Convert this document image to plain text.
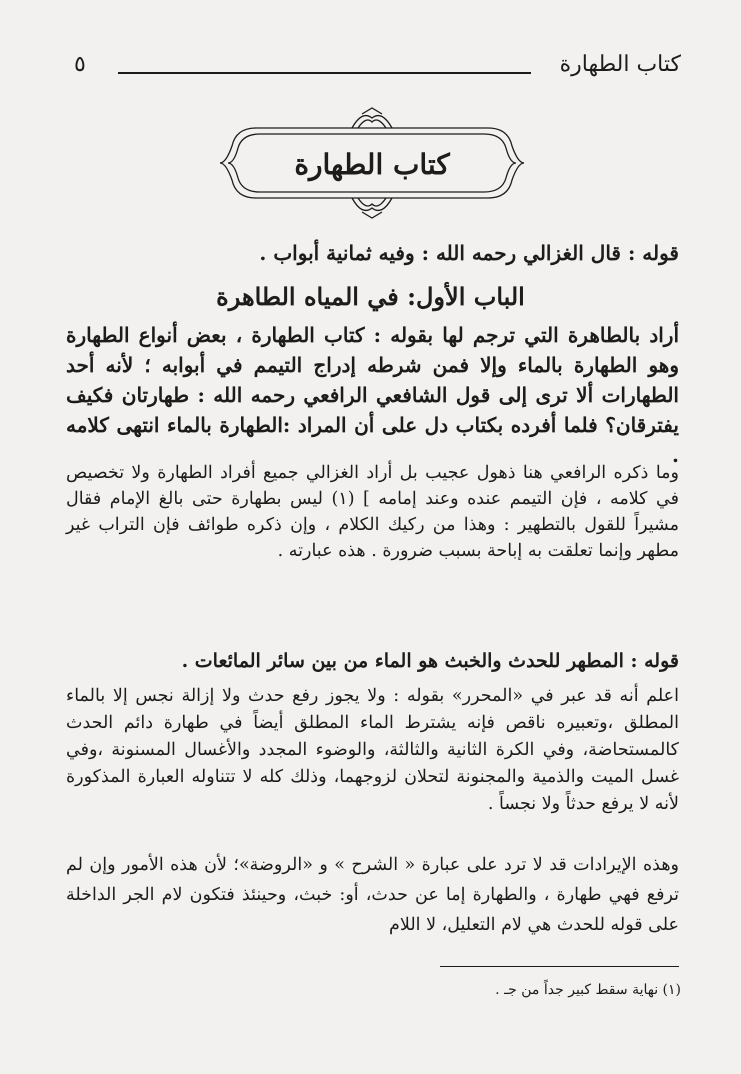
كتاب الطهارة
٥
كتاب الطهارة
قوله : قال الغزالي رحمه الله : وفيه ثمانية أبواب .
الباب الأول: في المياه الطاهرة
أراد بالطاهرة التي ترجم لها بقوله : كتاب الطهارة ، بعض أنواع الطهارة وهو الطهارة بالماء وإلا فمن شرطه إدراج التيمم في أبوابه ؛ لأنه أحد الطهارات ألا ترى إلى قول الشافعي الرافعي رحمه الله : طهارتان فكيف يفترقان؟ فلما أفرده بكتاب دل على أن المراد :الطهارة بالماء انتهى كلامه .
وما ذكره الرافعي هنا ذهول عجيب بل أراد الغزالي جميع أفراد الطهارة ولا تخصيص في كلامه ، فإن التيمم عنده وعند إمامه ] (١) ليس بطهارة حتى بالغ الإمام فقال مشيراً للقول بالتطهير : وهذا من ركيك الكلام ، وإن ذكره طوائف فإن التراب غير مطهر وإنما تعلقت به إباحة بسبب ضرورة . هذه عبارته .
قوله : المطهر للحدث والخبث هو الماء من بين سائر المائعات .
اعلم أنه قد عبر في «المحرر» بقوله : ولا يجوز رفع حدث ولا إزالة نجس إلا بالماء المطلق ،وتعبيره ناقص فإنه يشترط الماء المطلق أيضاً في طهارة دائم الحدث كالمستحاضة، وفي الكرة الثانية والثالثة، والوضوء المجدد والأغسال المسنونة ،وفي غسل الميت والذمية والمجنونة لتحلان لزوجهما، وذلك كله لا تتناوله العبارة المذكورة لأنه لا يرفع حدثاً ولا نجساً .
وهذه الإيرادات قد لا ترد على عبارة « الشرح » و «الروضة»؛ لأن هذه الأمور وإن لم ترفع فهي طهارة ، والطهارة إما عن حدث، أو: خبث، وحينئذ فتكون لام الجر الداخلة على قوله للحدث هي لام التعليل، لا اللام
(١) نهاية سقط كبير جداً من جـ .
